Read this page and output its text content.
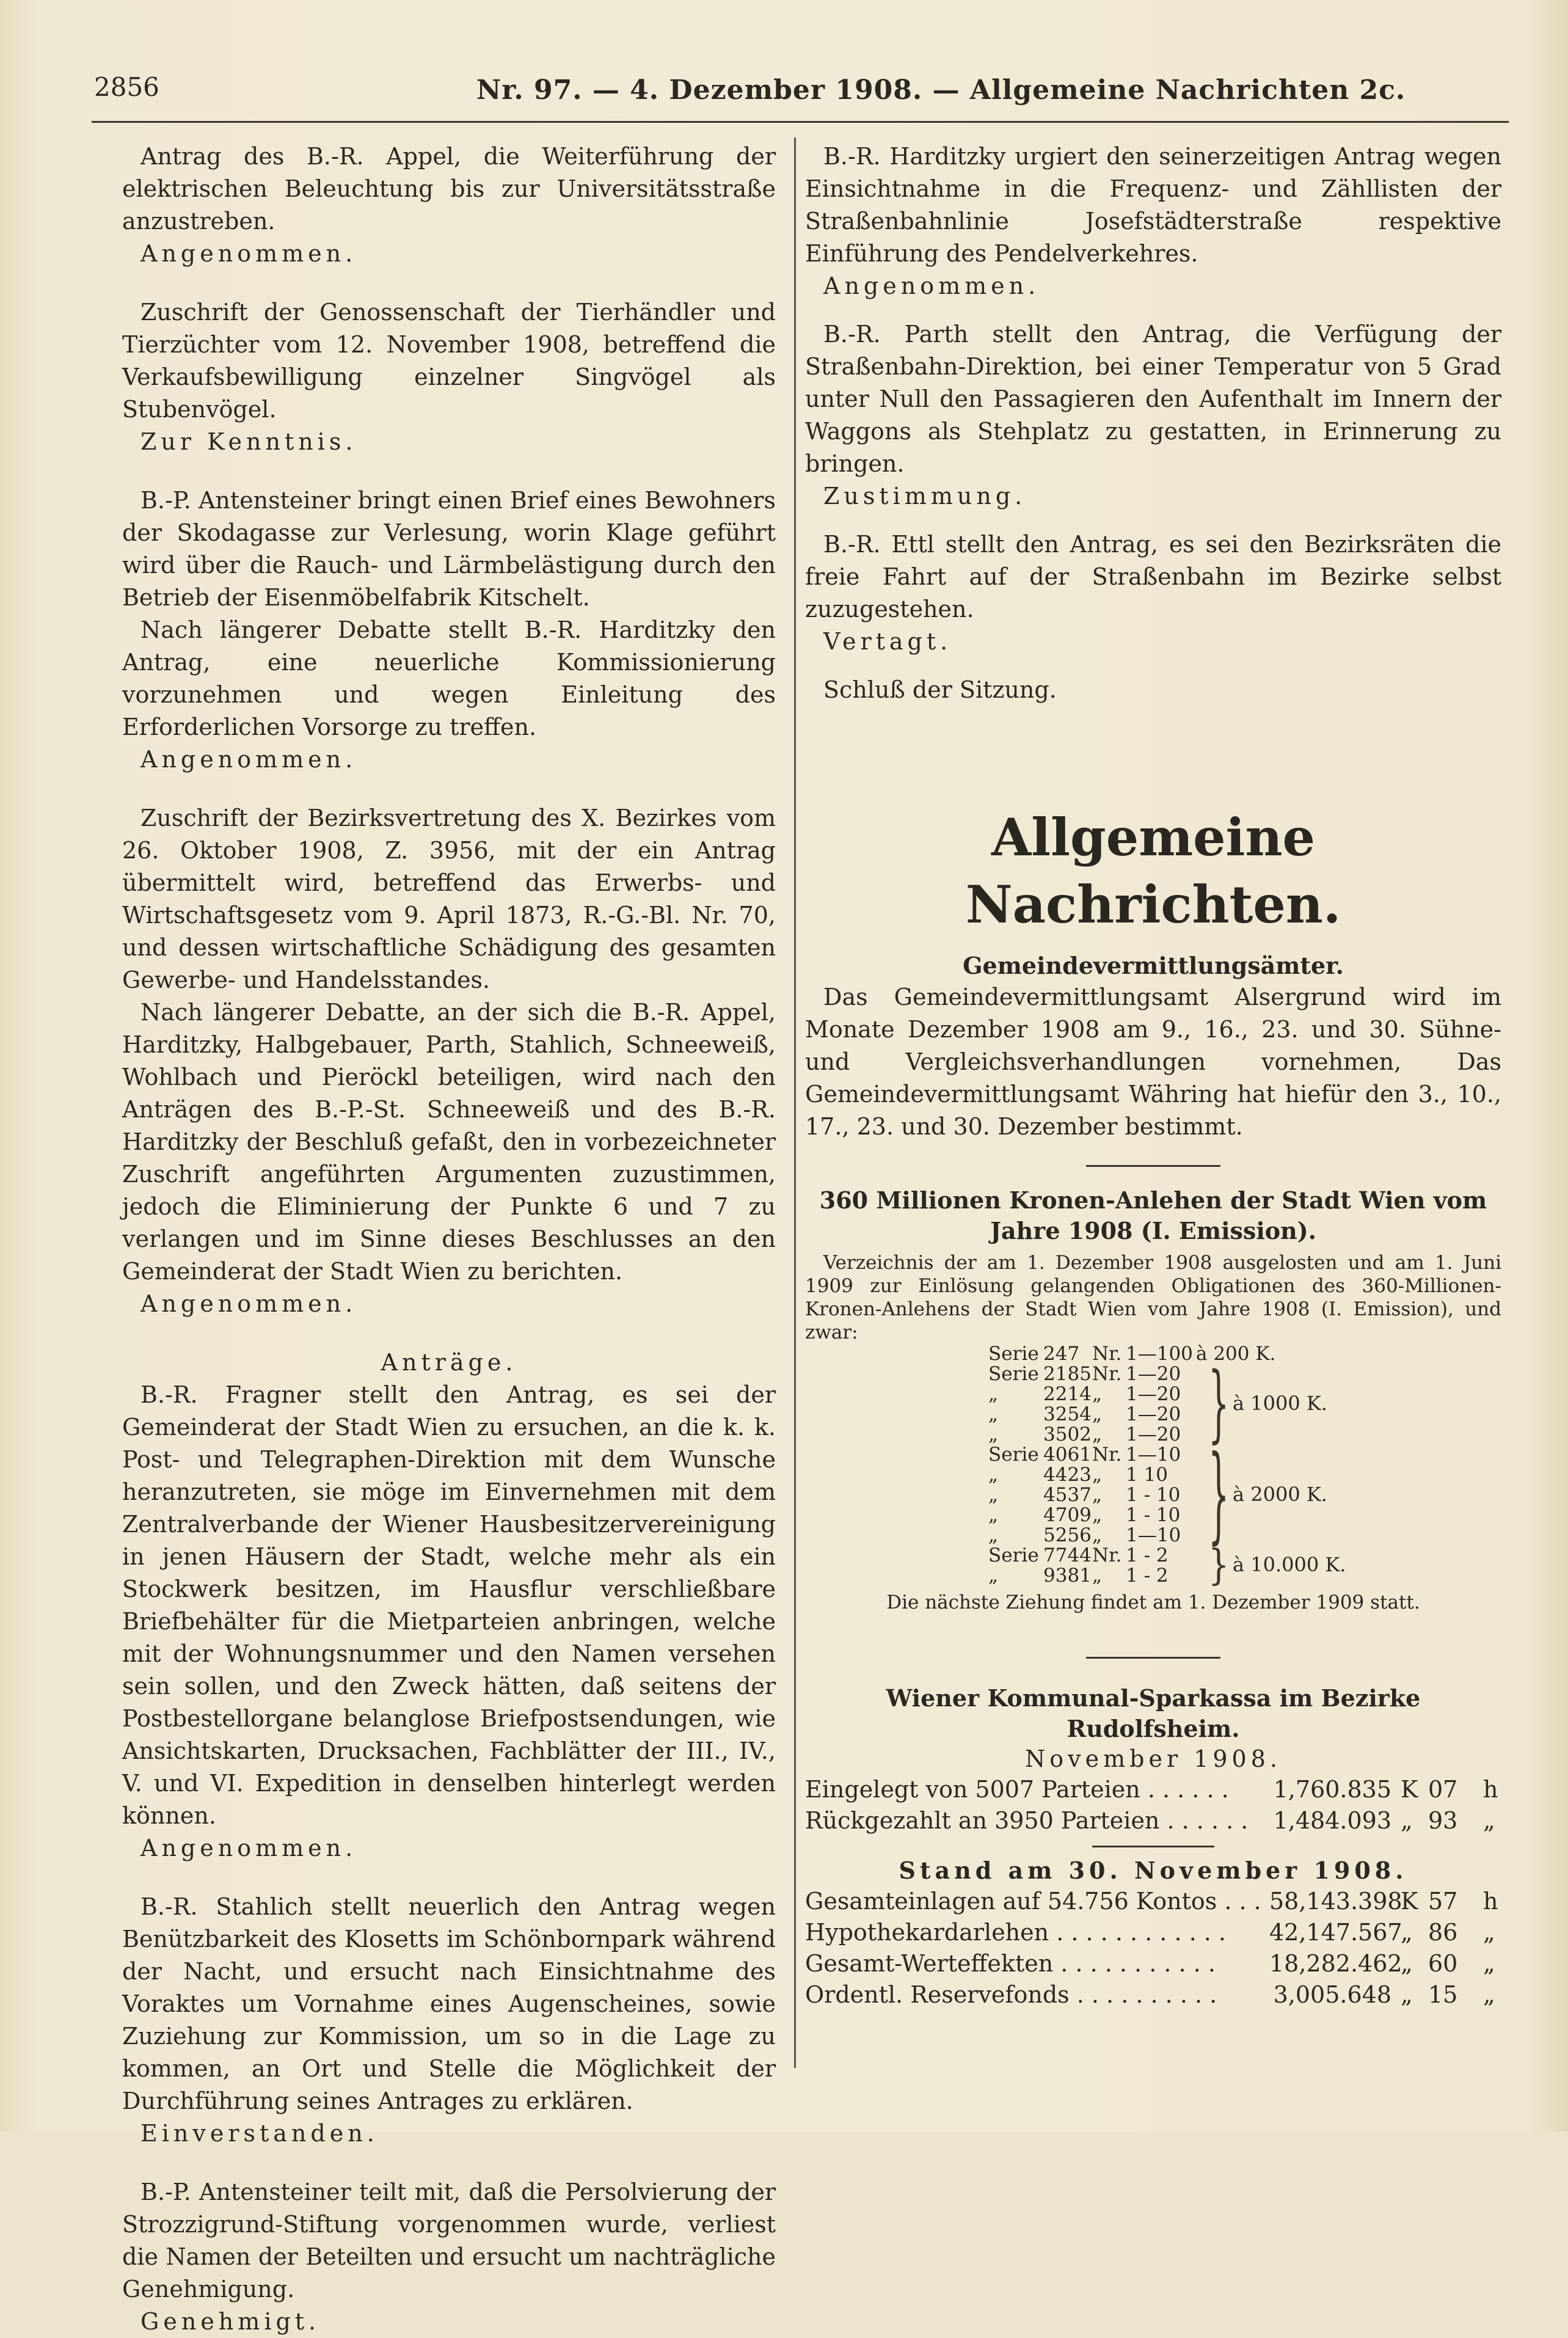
2856	Nr. 97. — 4. Dezember 1908. — Allgemeine Nachrichten 2c.

Antrag des B.-R. Appel, die Weiterführung der elektrischen Beleuchtung bis zur Universitätsstraße anzustreben.

Angenommen.

Zuschrift der Genossenschaft der Tierhändler und Tierzüchter vom 12. November 1908, betreffend die Verkaufsbewilligung einzelner Singvögel als Stubenvögel.

Zur Kenntnis.

B.-P. Antensteiner bringt einen Brief eines Bewohners der Skodagasse zur Verlesung, worin Klage geführt wird über die Rauch- und Lärmbelästigung durch den Betrieb der Eisenmöbelfabrik Kitschelt.

Nach längerer Debatte stellt B.-R. Harditzky den Antrag, eine neuerliche Kommissionierung vorzunehmen und wegen Einleitung des Erforderlichen Vorsorge zu treffen.

Angenommen.

Zuschrift der Bezirksvertretung des X. Bezirkes vom 26. Oktober 1908, Z. 3956, mit der ein Antrag übermittelt wird, betreffend das Erwerbs- und Wirtschaftsgesetz vom 9. April 1873, R.-G.-Bl. Nr. 70, und dessen wirtschaftliche Schädigung des gesamten Gewerbe- und Handelsstandes.

Nach längerer Debatte, an der sich die B.-R. Appel, Harditzky, Halbgebauer, Parth, Stahlich, Schneeweiß, Wohlbach und Pieröckl beteiligen, wird nach den Anträgen des B.-P.-St. Schneeweiß und des B.-R. Harditzky der Beschluß gefaßt, den in vorbezeichneter Zuschrift angeführten Argumenten zuzustimmen, jedoch die Eliminierung der Punkte 6 und 7 zu verlangen und im Sinne dieses Beschlusses an den Gemeinderat der Stadt Wien zu berichten.

Angenommen.

Anträge.

B.-R. Fragner stellt den Antrag, es sei der Gemeinderat der Stadt Wien zu ersuchen, an die k. k. Post- und Telegraphen-Direktion mit dem Wunsche heranzutreten, sie möge im Einvernehmen mit dem Zentralverbande der Wiener Hausbesitzervereinigung in jenen Häusern der Stadt, welche mehr als ein Stockwerk besitzen, im Hausflur verschließbare Briefbehälter für die Mietparteien anbringen, welche mit der Wohnungsnummer und den Namen versehen sein sollen, und den Zweck hätten, daß seitens der Postbestellorgane belanglose Briefpostsendungen, wie Ansichtskarten, Drucksachen, Fachblätter der III., IV., V. und VI. Expedition in denselben hinterlegt werden können.

Angenommen.

B.-R. Stahlich stellt neuerlich den Antrag wegen Benützbarkeit des Klosetts im Schönbornpark während der Nacht, und ersucht nach Einsichtnahme des Voraktes um Vornahme eines Augenscheines, sowie Zuziehung zur Kommission, um so in die Lage zu kommen, an Ort und Stelle die Möglichkeit der Durchführung seines Antrages zu erklären.

Einverstanden.

B.-P. Antensteiner teilt mit, daß die Persolvierung der Strozzigrund-Stiftung vorgenommen wurde, verliest die Namen der Beteilten und ersucht um nachträgliche Genehmigung.

Genehmigt.

B.-R. Harditzky urgiert den seinerzeitigen Antrag wegen Einsichtnahme in die Frequenz- und Zähllisten der Straßenbahnlinie Josefstädterstraße respektive Einführung des Pendelverkehres.

Angenommen.

B.-R. Parth stellt den Antrag, die Verfügung der Straßenbahn-Direktion, bei einer Temperatur von 5 Grad unter Null den Passagieren den Aufenthalt im Innern der Waggons als Stehplatz zu gestatten, in Erinnerung zu bringen.

Zustimmung.

B.-R. Ettl stellt den Antrag, es sei den Bezirksräten die freie Fahrt auf der Straßenbahn im Bezirke selbst zuzugestehen.

Vertagt.

Schluß der Sitzung.

Allgemeine Nachrichten.
Gemeindevermittlungsämter.

Das Gemeindevermittlungsamt Alsergrund wird im Monate Dezember 1908 am 9., 16., 23. und 30. Sühne- und Vergleichsverhandlungen vornehmen, Das Gemeindevermittlungsamt Währing hat hiefür den 3., 10., 17., 23. und 30. Dezember bestimmt.

360 Millionen Kronen-Anlehen der Stadt Wien vom Jahre 1908 (I. Emission).

Verzeichnis der am 1. Dezember 1908 ausgelosten und am 1. Juni 1909 zur Einlösung gelangenden Obligationen des 360-Millionen-Kronen-Anlehens der Stadt Wien vom Jahre 1908 (I. Emission), und zwar:

Serie 247 Nr. 1—100 à 200 K.
Serie 2185 Nr. 1—20
„ 2214 „ 1—20
„ 3254 „ 1—20
„ 3502 „ 1—20
Serie 4061 Nr. 1—10
„ 4423 „ 1 10
„ 4537 „ 1 - 10
„ 4709 „ 1 - 10
„ 5256 „ 1—10
Serie 7744 Nr. 1 - 2
„ 9381 „ 1 - 2
} à 1000 K.
} à 2000 K.
} à 10.000 K.

Die nächste Ziehung findet am 1. Dezember 1909 statt.

Wiener Kommunal-Sparkassa im Bezirke Rudolfsheim.

November 1908.

Eingelegt von 5007 Parteien . . . . . . 1,760.835 K 07 h
Rückgezahlt an 3950 Parteien . . . . . . 1,484.093 „ 93 „

Stand am 30. November 1908.

Gesamteinlagen auf 54.756 Kontos . . . 58,143.398
K 57 h
Hypothekardarlehen . . . . . . . . . . . . 42,147.567
„ 86 „
Gesamt-Werteffekten . . . . . . . . . . . 18,282.462
„ 60 „
Ordentl. Reservefonds . . . . . . . . . . 3,005.648 „ 15 „
